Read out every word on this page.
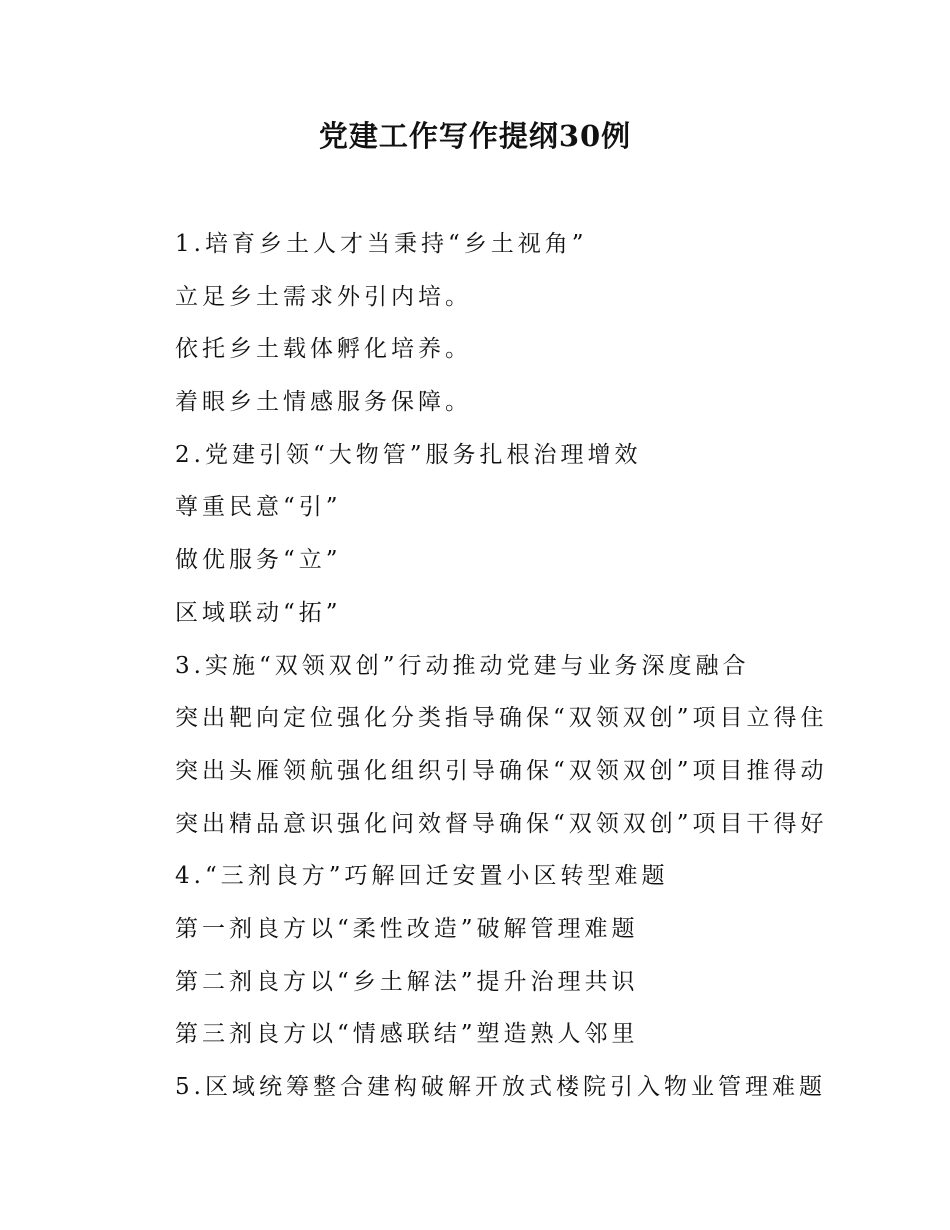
党建工作写作提纲30例
1.培育乡土人才当秉持“乡土视角”
立足乡土需求外引内培。
依托乡土载体孵化培养。
着眼乡土情感服务保障。
2.党建引领“大物管”服务扎根治理增效
尊重民意“引”
做优服务“立”
区域联动“拓”
3.实施“双领双创”行动推动党建与业务深度融合
突出靶向定位强化分类指导确保“双领双创”项目立得住
突出头雁领航强化组织引导确保“双领双创”项目推得动
突出精品意识强化问效督导确保“双领双创”项目干得好
4.“三剂良方”巧解回迁安置小区转型难题
第一剂良方以“柔性改造”破解管理难题
第二剂良方以“乡土解法”提升治理共识
第三剂良方以“情感联结”塑造熟人邻里
5.区域统筹整合建构破解开放式楼院引入物业管理难题
